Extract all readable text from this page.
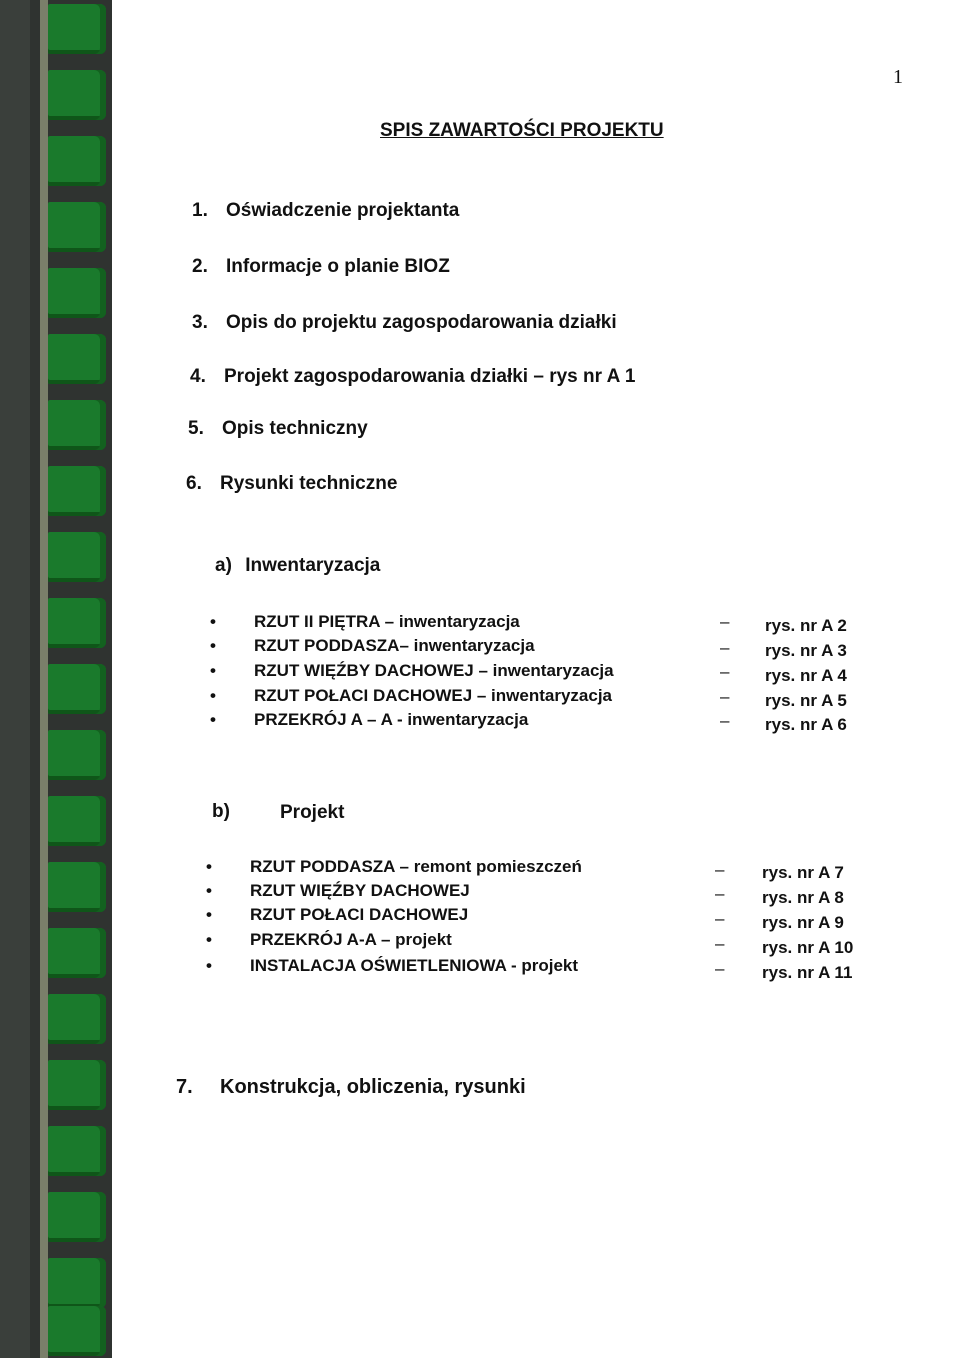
1
SPIS ZAWARTOŚCI PROJEKTU
1. Oświadczenie projektanta
2. Informacje o planie BIOZ
3. Opis do projektu zagospodarowania działki
4. Projekt zagospodarowania działki – rys nr A 1
5. Opis techniczny
6. Rysunki techniczne
a) Inwentaryzacja
• RZUT II PIĘTRA – inwentaryzacja	– rys. nr A 2
• RZUT PODDASZA– inwentaryzacja	– rys. nr A 3
• RZUT WIĘŹBY DACHOWEJ – inwentaryzacja	– rys. nr A 4
• RZUT POŁACI DACHOWEJ – inwentaryzacja	– rys. nr A 5
• PRZEKRÓJ A – A - inwentaryzacja	– rys. nr A 6
b)	Projekt
• RZUT PODDASZA – remont pomieszczeń	– rys. nr A 7
• RZUT WIĘŹBY DACHOWEJ	– rys. nr A 8
• RZUT POŁACI DACHOWEJ	– rys. nr A 9
• PRZEKRÓJ A-A – projekt	– rys. nr A 10
• INSTALACJA OŚWIETLENIOWA - projekt	– rys. nr A 11
7. Konstrukcja, obliczenia, rysunki
